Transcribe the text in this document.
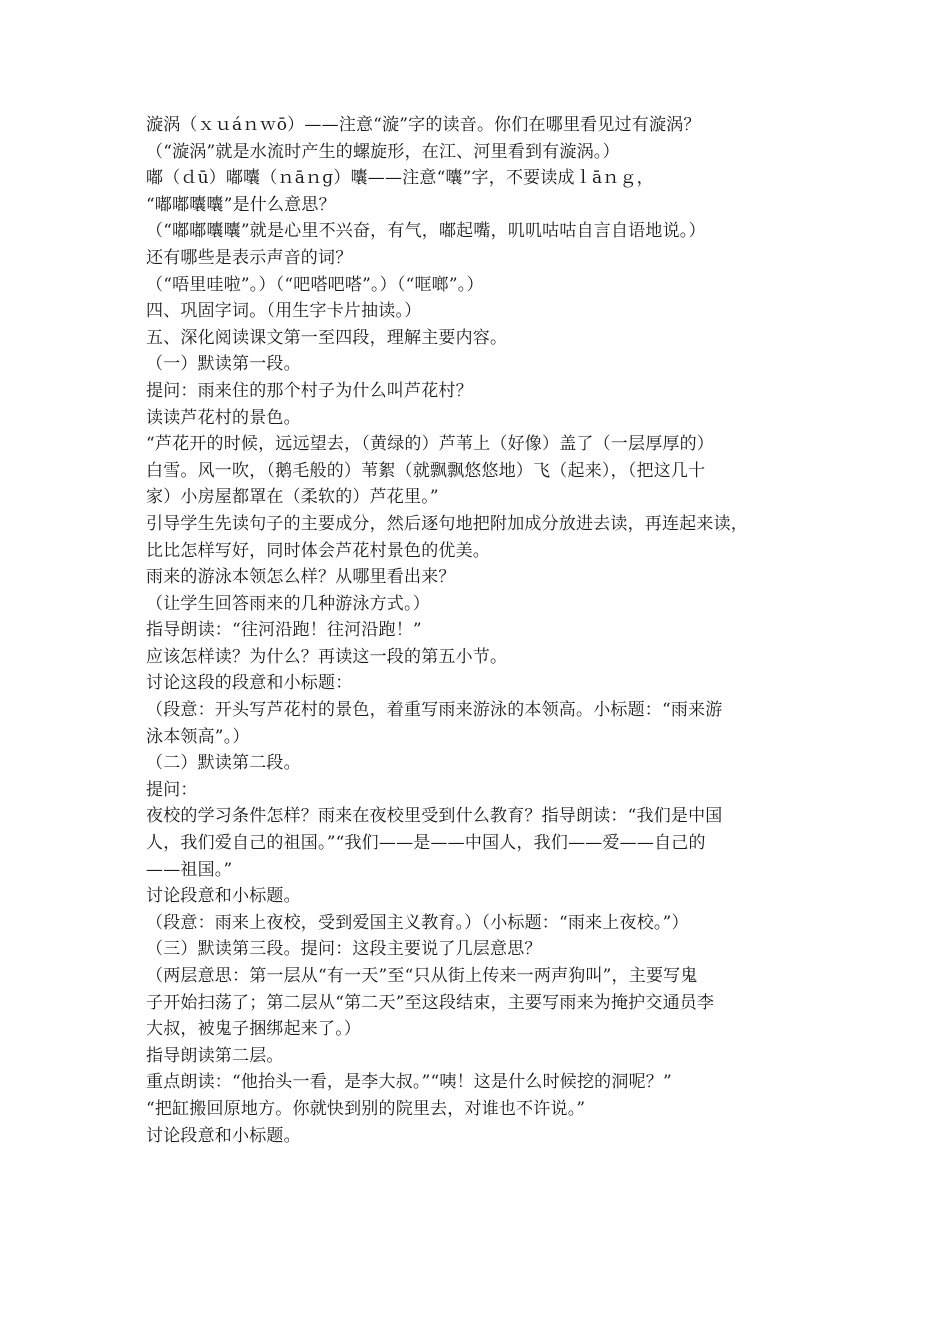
漩涡（ｘｕáｎｗō）——注意“漩”字的读音。你们在哪里看见过有漩涡？
（“漩涡”就是水流时产生的螺旋形，在江、河里看到有漩涡。）
嘟（ｄū）嘟囔（ｎāｎɡ）囔——注意“囔”字，不要读成ｌāｎｇ，
“嘟嘟囔囔”是什么意思？
（“嘟嘟囔囔”就是心里不兴奋，有气，嘟起嘴，叽叽咕咕自言自语地说。）
还有哪些是表示声音的词？
（“唔里哇啦”。）（“吧嗒吧嗒”。）（“哐啷”。）
四、巩固字词。（用生字卡片抽读。）
五、深化阅读课文第一至四段，理解主要内容。
（一）默读第一段。
提问：雨来住的那个村子为什么叫芦花村？
读读芦花村的景色。
“芦花开的时候，远远望去，（黄绿的）芦苇上（好像）盖了（一层厚厚的）
白雪。风一吹，（鹅毛般的）苇絮（就飘飘悠悠地）飞（起来），（把这几十
家）小房屋都罩在（柔软的）芦花里。”
引导学生先读句子的主要成分，然后逐句地把附加成分放进去读，再连起来读，
比比怎样写好，同时体会芦花村景色的优美。
雨来的游泳本领怎么样？从哪里看出来？
（让学生回答雨来的几种游泳方式。）
指导朗读：“往河沿跑！往河沿跑！”
应该怎样读？为什么？再读这一段的第五小节。
讨论这段的段意和小标题：
（段意：开头写芦花村的景色，着重写雨来游泳的本领高。小标题：“雨来游
泳本领高”。）
（二）默读第二段。
提问：
夜校的学习条件怎样？雨来在夜校里受到什么教育？指导朗读：“我们是中国
人，我们爱自己的祖国。”“我们——是——中国人，我们——爱——自己的
——祖国。”
讨论段意和小标题。
（段意：雨来上夜校，受到爱国主义教育。）（小标题：“雨来上夜校。”）
（三）默读第三段。提问：这段主要说了几层意思？
（两层意思：第一层从“有一天”至“只从街上传来一两声狗叫”，主要写鬼
子开始扫荡了；第二层从“第二天”至这段结束，主要写雨来为掩护交通员李
大叔，被鬼子捆绑起来了。）
指导朗读第二层。
重点朗读：“他抬头一看，是李大叔。”“咦！这是什么时候挖的洞呢？”
“把缸搬回原地方。你就快到别的院里去，对谁也不许说。”
讨论段意和小标题。
